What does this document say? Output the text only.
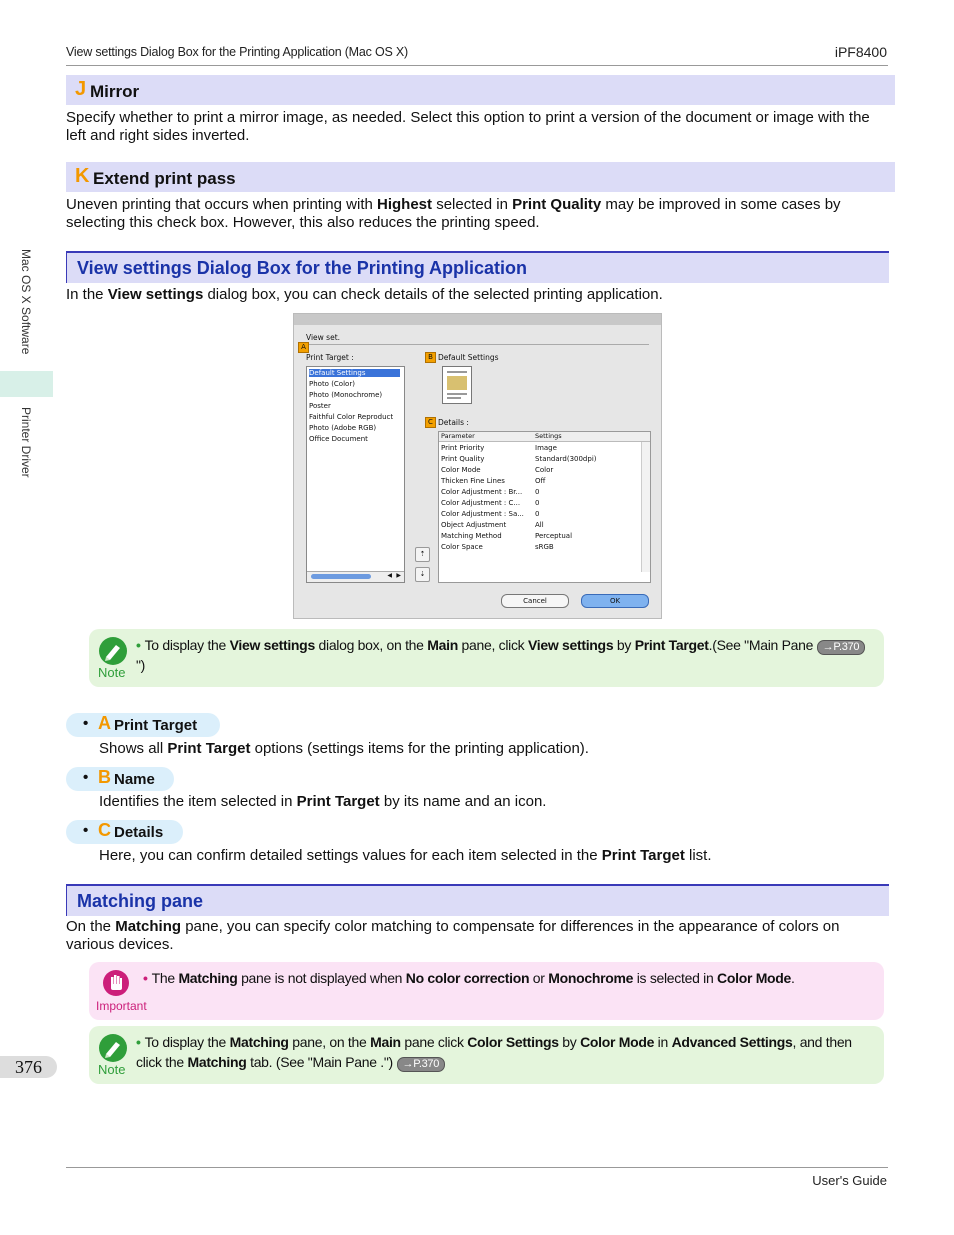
View settings Dialog Box for the Printing Application (Mac OS X)	iPF8400
User's Guide
Mac OS X Software
Printer Driver
376
J Mirror
Specify whether to print a mirror image, as needed. Select this option to print a version of the document or image with the left and right sides inverted.
K Extend print pass
Uneven printing that occurs when printing with Highest selected in Print Quality may be improved in some cases by selecting this check box. However, this also reduces the printing speed.
View settings Dialog Box for the Printing Application
In the View settings dialog box, you can check details of the selected printing application.
View set.
A
Print Target :
Default Settings
Photo (Color)
Photo (Monochrome)
Poster
Faithful Color Reproduct
Photo (Adobe RGB)
Office Document
◀ ▶
⇡
⇣
B Default Settings
C Details :
Parameter	Settings
Print Priority	Image
Print Quality	Standard(300dpi)
Color Mode	Color
Thicken Fine Lines	Off
Color Adjustment : Br... 0
Color Adjustment : C... 0
Color Adjustment : Sa... 0
Object Adjustment	All
Matching Method	Perceptual
Color Space	sRGB
Cancel	OK
Note
• To display the View settings dialog box, on the Main pane, click View settings by Print Target.(See "Main Pane →P.370 ")
• A Print Target
Shows all Print Target options (settings items for the printing application).
• B Name
Identifies the item selected in Print Target by its name and an icon.
• C Details
Here, you can confirm detailed settings values for each item selected in the Print Target list.
Matching pane
On the Matching pane, you can specify color matching to compensate for differences in the appearance of colors on various devices.
Important
• The Matching pane is not displayed when No color correction or Monochrome is selected in Color Mode.
Note
• To display the Matching pane, on the Main pane click Color Settings by Color Mode in Advanced Settings, and then click the Matching tab. (See "Main Pane .") →P.370
